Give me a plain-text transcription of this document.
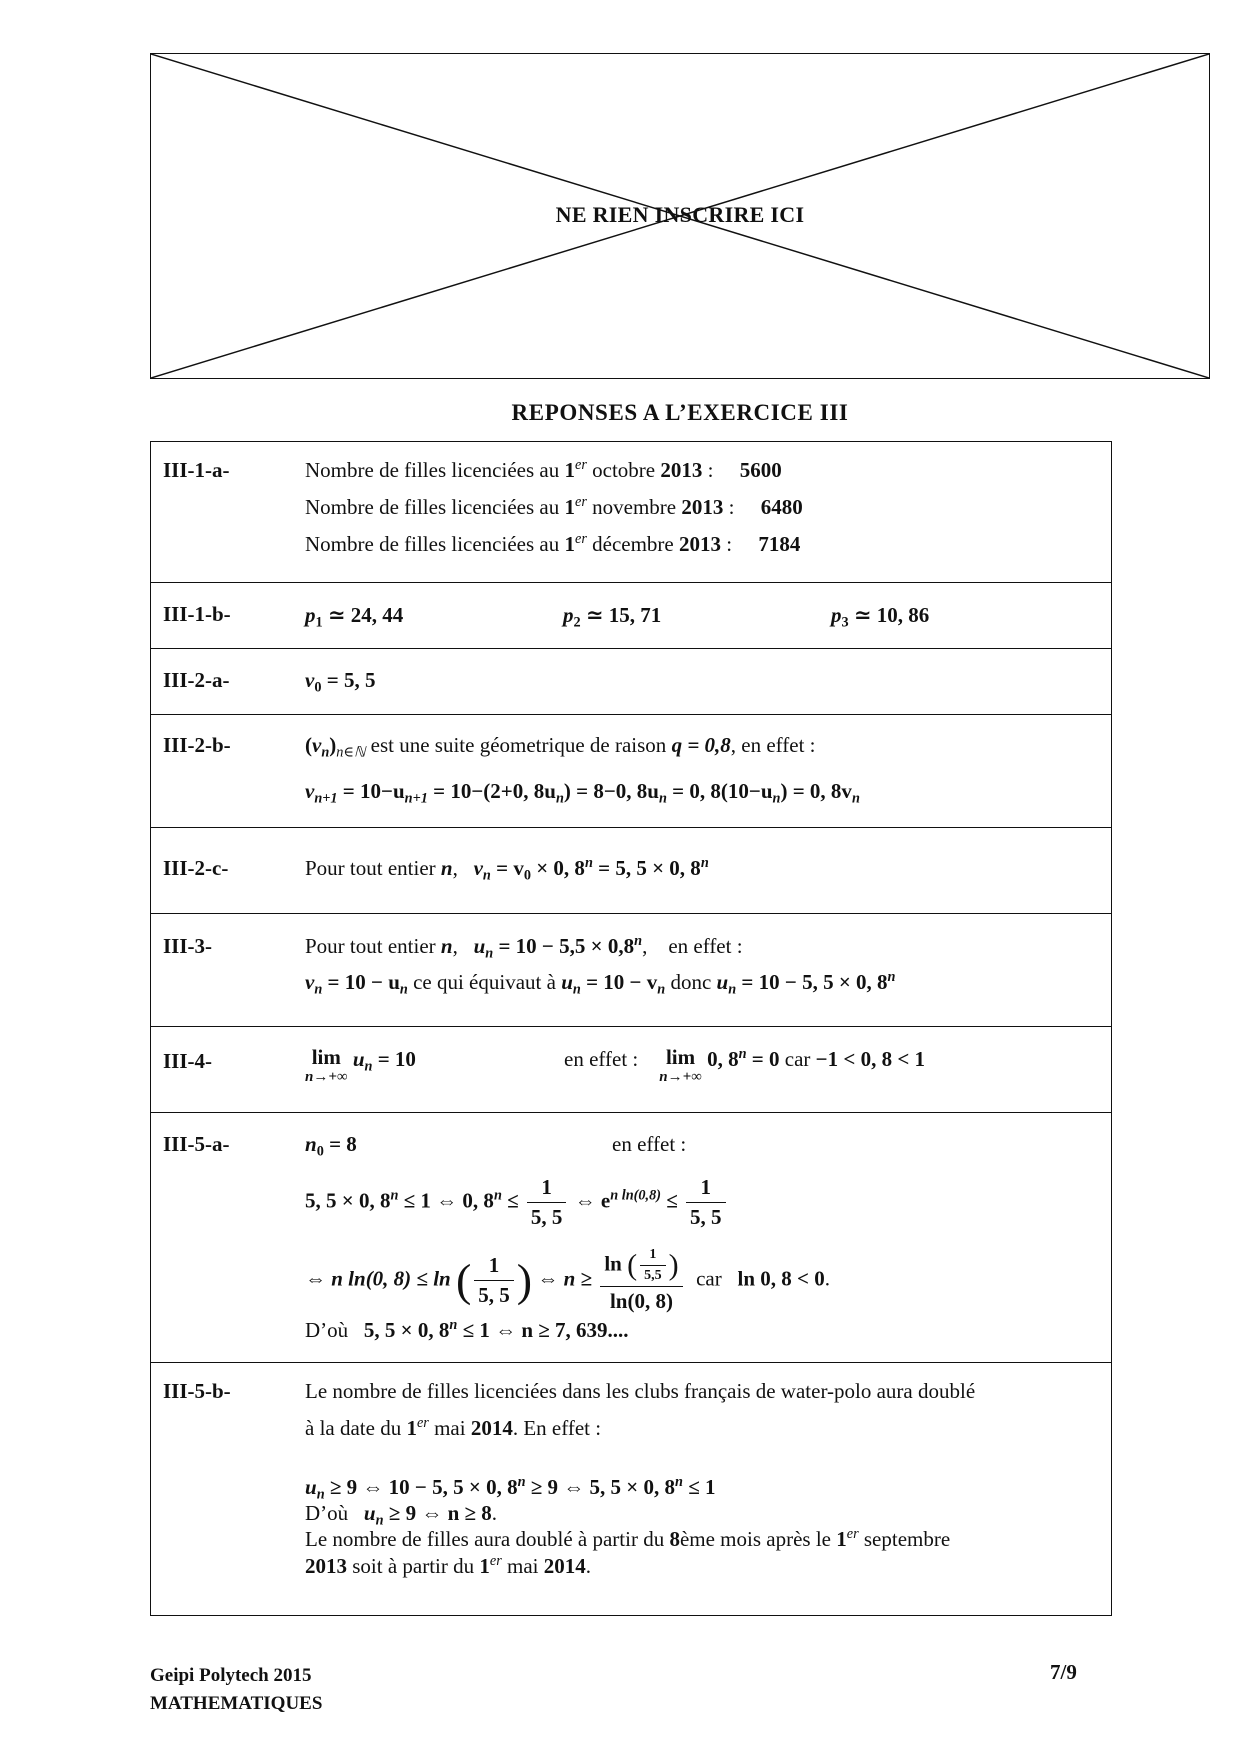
NE RIEN INSCRIRE ICI
REPONSES A L’EXERCICE III
III-1-a-	Nombre de filles licenciées au 1er octobre 2013 :     5600
Nombre de filles licenciées au 1er novembre 2013 :     6480
Nombre de filles licenciées au 1er décembre 2013 :     7184
III-1-b-	$p_1$ ≃ 24, 44	$p_2$ ≃ 15, 71	$p_3$ ≃ 10, 86
III-2-a-	$v_0 = 5$, 5
III-2-b-	$(v_n)_{n\in ℕ}$ est une suite géometrique de raison q = 0,8, en effet :
$v_{n+1} = 10-u_{n+1} = 10-(2+0$, $8u_n) = 8-0$, $8u_n = 0$, $8(10-u_n) = 0$, $8v_n$
III-2-c-	Pour tout entier n,   $v_n = v_0 \times 0$, $8^n = 5$, 5 × 0, 8$^n$
III-3-	Pour tout entier n,   $u_n = 10 - 5,5 \times 0,8^n$,    en effet :
$v_n = 10 - u_n$ ce qui équivaut à $u_n = 10 - v_n$ donc $u_n = 10 - 5$, 5 × 0, 8$^n$
III-4-	lim
n→+∞
$u_n = 10$	en effet :	lim
n→+∞
0, $8^n = 0$ car −1 < 0, 8 < 1
III-5-a-	$n_0 = 8$	en effet :
5, 5 × 0, $8^n \le 1$ ⇔ 0, $8^n \le \frac{1}{5, 5}$ ⇔ $e^{n ln(0,8)} \le \frac{1}{5, 5}$
⇔ n ln(0, 8) ≤ ln ( $\frac{1}{5, 5}$ ) ⇔ $n \ge \frac{\ln ( \frac{1}{5,5} )}{\ln(0, 8)}$ car ln 0, 8 < 0.
D’où 5, 5 × 0, $8^n \le 1$ ⇔ n ≥ 7, 639....
III-5-b-	Le nombre de filles licenciées dans les clubs français de water-polo aura doublé
à la date du 1er mai 2014. En effet :
$u_n \ge 9$ ⇔ 10 − 5, 5 × 0, $8^n \ge 9$ ⇔ 5, 5 × 0, $8^n \le 1$
D’où $u_n \ge 9$ ⇔ n ≥ 8.
Le nombre de filles aura doublé à partir du 8ème mois après le 1er septembre
2013 soit à partir du 1er mai 2014.
Geipi Polytech 2015
MATHEMATIQUES
7/9
